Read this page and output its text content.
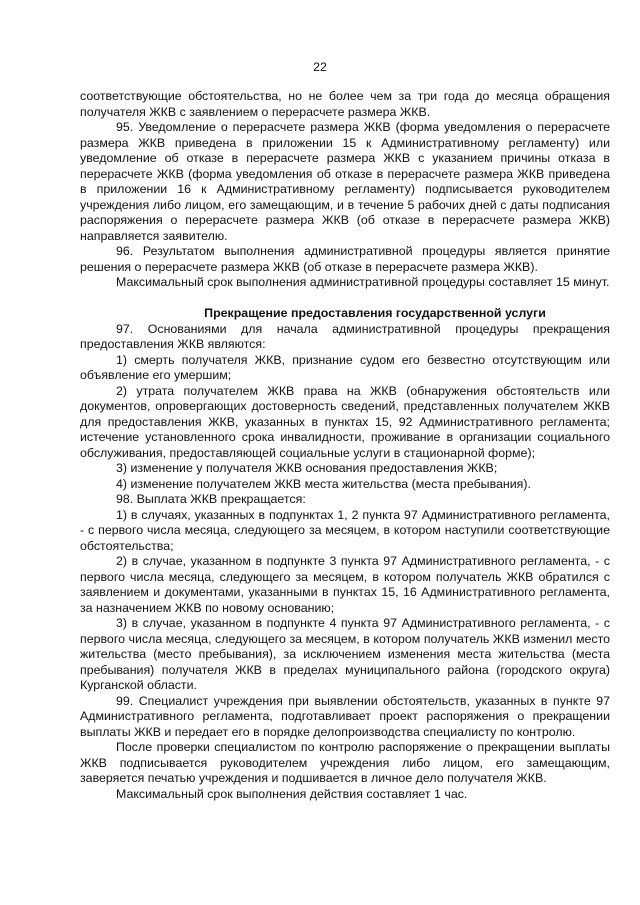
22

соответствующие обстоятельства, но не более чем за три года до месяца обращения получателя ЖКВ с заявлением о перерасчете размера ЖКВ.

95. Уведомление о перерасчете размера ЖКВ (форма уведомления о перерасчете размера ЖКВ приведена в приложении 15 к Административному регламенту) или уведомление об отказе в перерасчете размера ЖКВ с указанием причины отказа в перерасчете ЖКВ (форма уведомления об отказе в перерасчете размера ЖКВ приведена в приложении 16 к Административному регламенту) подписывается руководителем учреждения либо лицом, его замещающим, и в течение 5 рабочих дней с даты подписания распоряжения о перерасчете размера ЖКВ (об отказе в перерасчете размера ЖКВ) направляется заявителю.

96. Результатом выполнения административной процедуры является принятие решения о перерасчете размера ЖКВ (об отказе в перерасчете размера ЖКВ).

Максимальный срок выполнения административной процедуры составляет 15 минут.

Прекращение предоставления государственной услуги

97. Основаниями для начала административной процедуры прекращения предоставления ЖКВ являются:

1) смерть получателя ЖКВ, признание судом его безвестно отсутствующим или объявление его умершим;

2) утрата получателем ЖКВ права на ЖКВ (обнаружения обстоятельств или документов, опровергающих достоверность сведений, представленных получателем ЖКВ для предоставления ЖКВ, указанных в пунктах 15, 92 Административного регламента; истечение установленного срока инвалидности, проживание в организации социального обслуживания, предоставляющей социальные услуги в стационарной форме);

3) изменение у получателя ЖКВ основания предоставления ЖКВ;

4) изменение получателем ЖКВ места жительства (места пребывания).

98. Выплата ЖКВ прекращается:

1) в случаях, указанных в подпунктах 1, 2 пункта 97 Административного регламента, - с первого числа месяца, следующего за месяцем, в котором наступили соответствующие обстоятельства;

2) в случае, указанном в подпункте 3 пункта 97 Административного регламента, - с первого числа месяца, следующего за месяцем, в котором получатель ЖКВ обратился с заявлением и документами, указанными в пунктах 15, 16 Административного регламента, за назначением ЖКВ по новому основанию;

3) в случае, указанном в подпункте 4 пункта 97 Административного регламента, - с первого числа месяца, следующего за месяцем, в котором получатель ЖКВ изменил место жительства (место пребывания), за исключением изменения места жительства (места пребывания) получателя ЖКВ в пределах муниципального района (городского округа) Курганской области.

99. Специалист учреждения при выявлении обстоятельств, указанных в пункте 97 Административного регламента, подготавливает проект распоряжения о прекращении выплаты ЖКВ и передает его в порядке делопроизводства специалисту по контролю.

После проверки специалистом по контролю распоряжение о прекращении выплаты ЖКВ подписывается руководителем учреждения либо лицом, его замещающим, заверяется печатью учреждения и подшивается в личное дело получателя ЖКВ.

Максимальный срок выполнения действия составляет 1 час.
